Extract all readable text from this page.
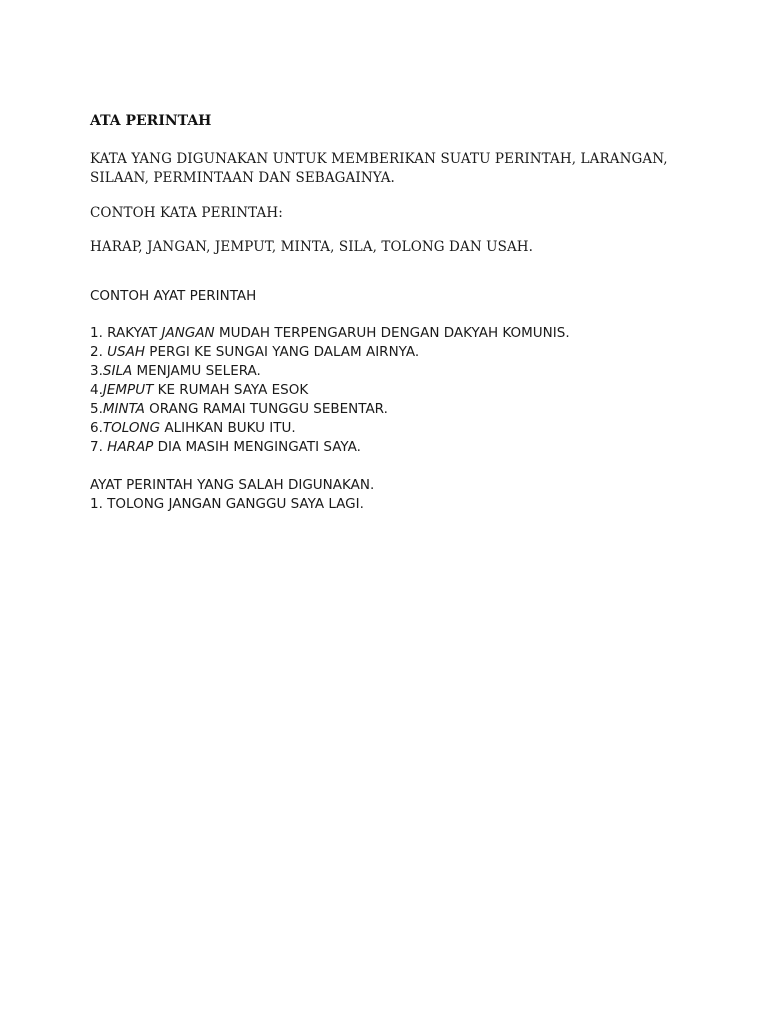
ATA PERINTAH
KATA YANG DIGUNAKAN UNTUK MEMBERIKAN SUATU PERINTAH, LARANGAN,
SILAAN, PERMINTAAN DAN SEBAGAINYA.
CONTOH KATA PERINTAH:
HARAP, JANGAN, JEMPUT, MINTA, SILA, TOLONG DAN USAH.
CONTOH AYAT PERINTAH
1. RAKYAT JANGAN MUDAH TERPENGARUH DENGAN DAKYAH KOMUNIS.
2. USAH PERGI KE SUNGAI YANG DALAM AIRNYA.
3.SILA MENJAMU SELERA.
4.JEMPUT KE RUMAH SAYA ESOK
5.MINTA ORANG RAMAI TUNGGU SEBENTAR.
6.TOLONG ALIHKAN BUKU ITU.
7. HARAP DIA MASIH MENGINGATI SAYA.
AYAT PERINTAH YANG SALAH DIGUNAKAN.
1. TOLONG JANGAN GANGGU SAYA LAGI.
